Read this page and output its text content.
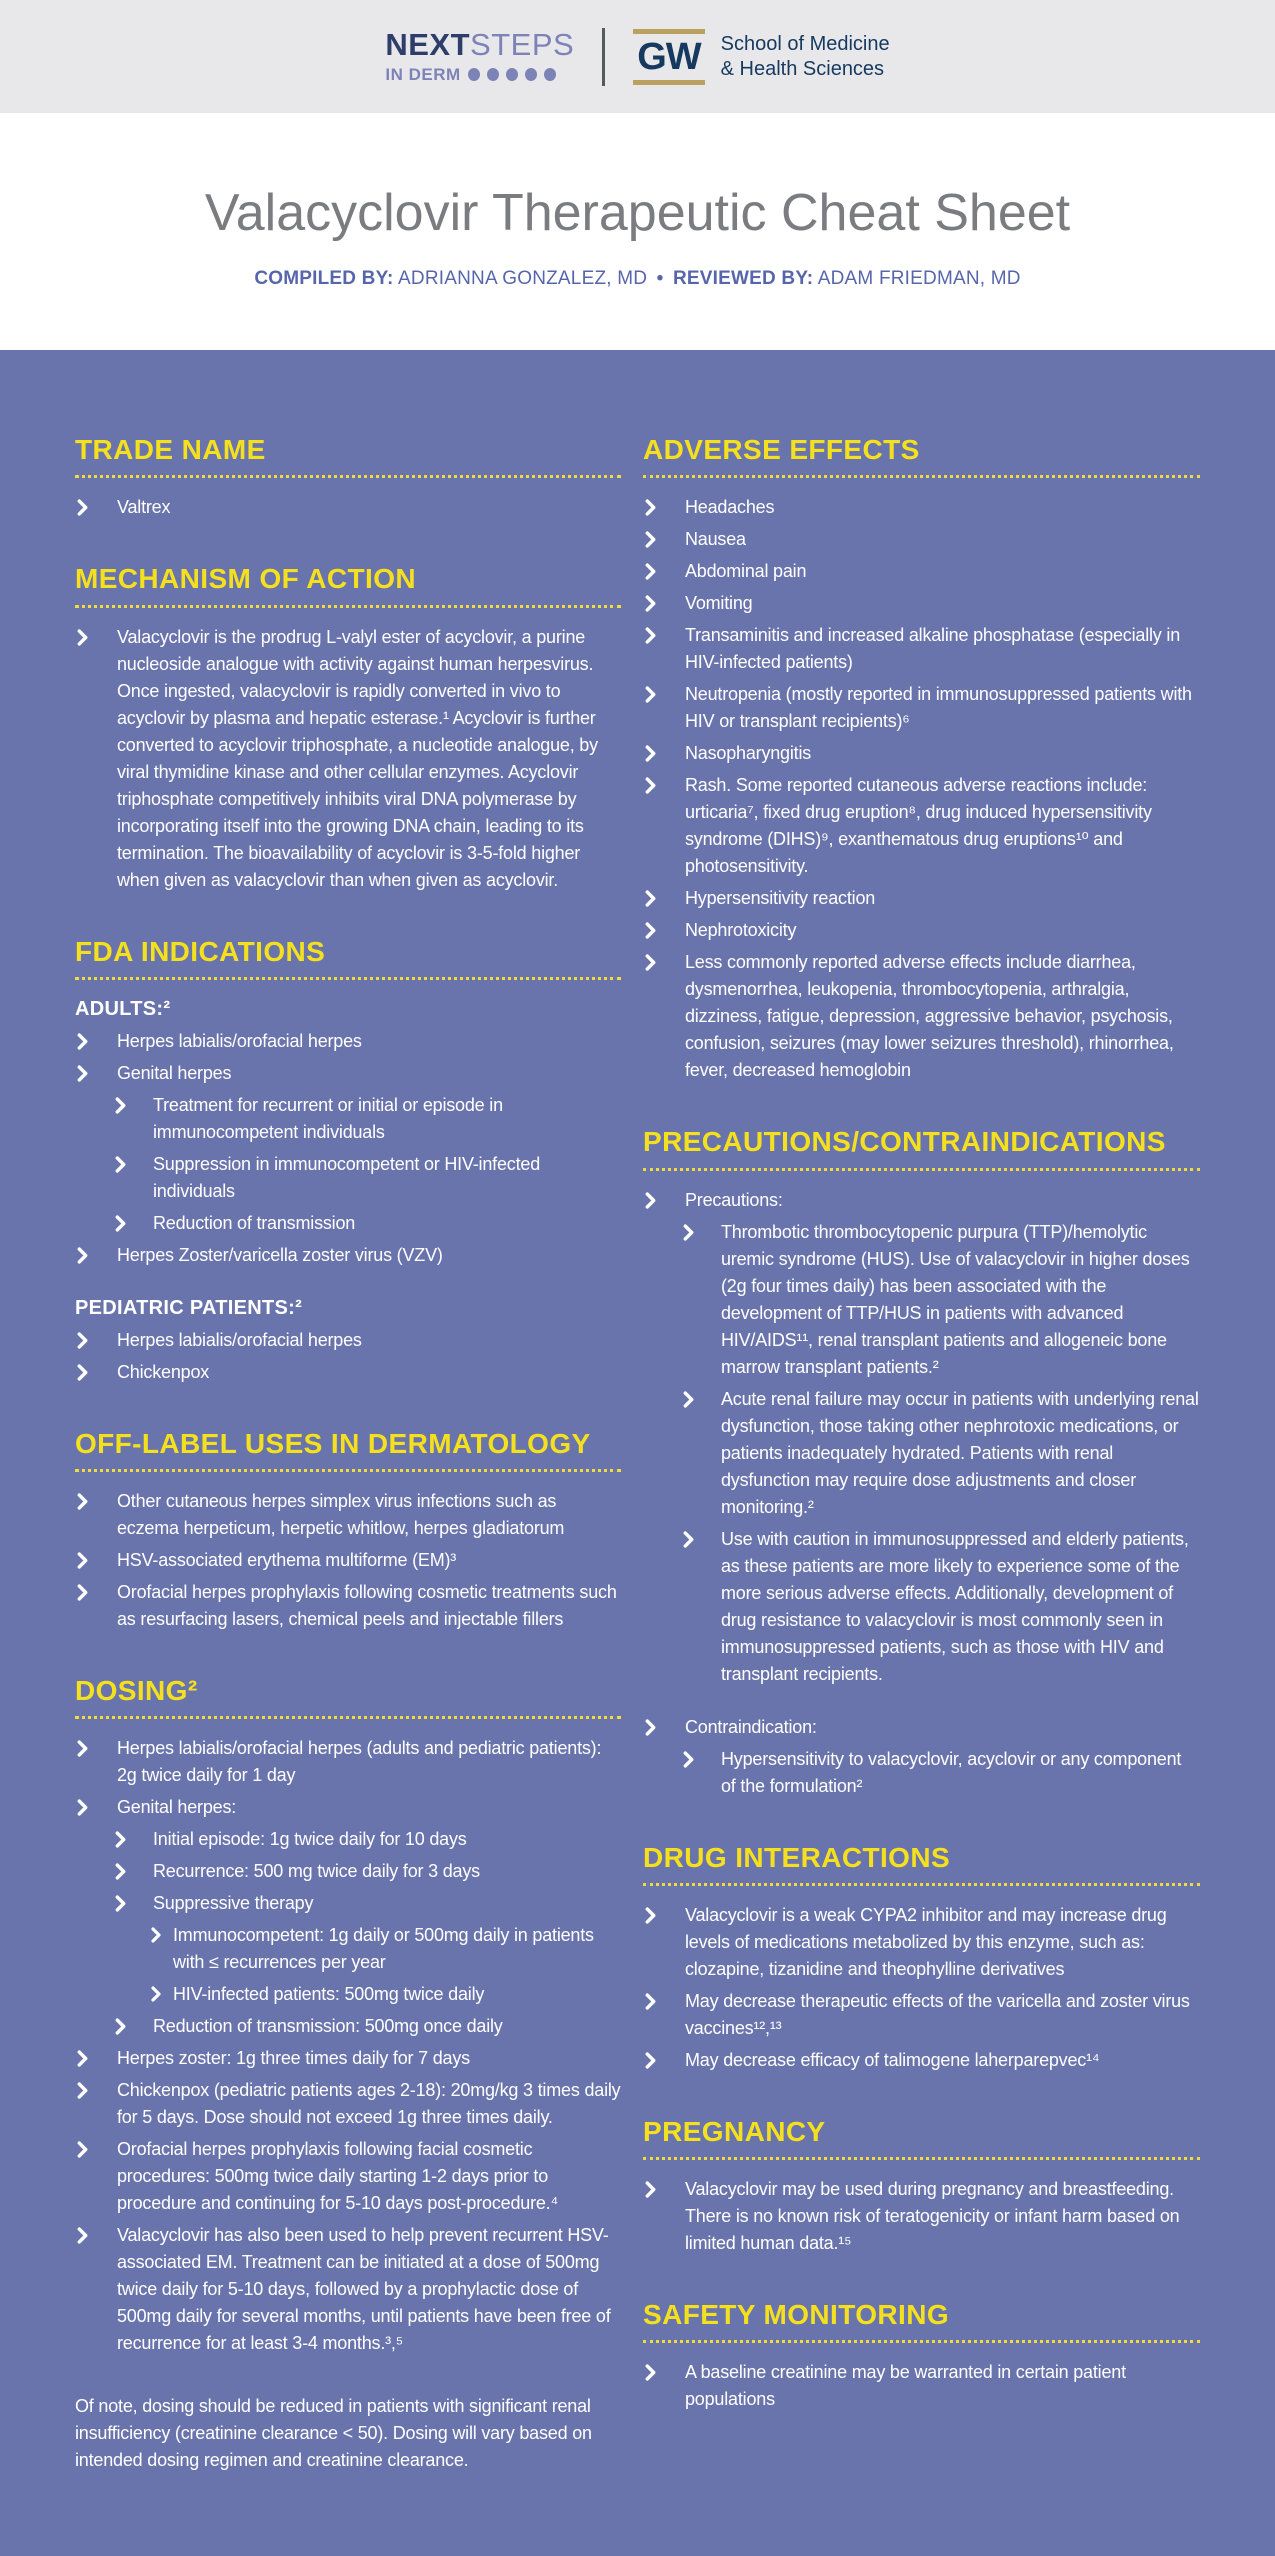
NEXTSTEPS
IN DERM	GW School of Medicine
& Health Sciences
Valacyclovir Therapeutic Cheat Sheet
COMPILED BY: ADRIANNA GONZALEZ, MD • REVIEWED BY: ADAM FRIEDMAN, MD
TRADE NAME
Valtrex
MECHANISM OF ACTION
Valacyclovir is the prodrug L-valyl ester of acyclovir, a purine nucleoside analogue with activity against human herpesvirus. Once ingested, valacyclovir is rapidly converted in vivo to acyclovir by plasma and hepatic esterase.¹ Acyclovir is further converted to acyclovir triphosphate, a nucleotide analogue, by viral thymidine kinase and other cellular enzymes. Acyclovir triphosphate competitively inhibits viral DNA polymerase by incorporating itself into the growing DNA chain, leading to its termination. The bioavailability of acyclovir is 3-5-fold higher when given as valacyclovir than when given as acyclovir.
FDA INDICATIONS
ADULTS:²
Herpes labialis/orofacial herpes
Genital herpes
Treatment for recurrent or initial or episode in immunocompetent individuals
Suppression in immunocompetent or HIV-infected individuals
Reduction of transmission
Herpes Zoster/varicella zoster virus (VZV)
PEDIATRIC PATIENTS:²
Herpes labialis/orofacial herpes
Chickenpox
OFF-LABEL USES IN DERMATOLOGY
Other cutaneous herpes simplex virus infections such as eczema herpeticum, herpetic whitlow, herpes gladiatorum
HSV-associated erythema multiforme (EM)³
Orofacial herpes prophylaxis following cosmetic treatments such as resurfacing lasers, chemical peels and injectable fillers
DOSING²
Herpes labialis/orofacial herpes (adults and pediatric patients): 2g twice daily for 1 day
Genital herpes:
Initial episode: 1g twice daily for 10 days
Recurrence: 500 mg twice daily for 3 days
Suppressive therapy
Immunocompetent: 1g daily or 500mg daily in patients with ≤ recurrences per year
HIV-infected patients: 500mg twice daily
Reduction of transmission: 500mg once daily
Herpes zoster: 1g three times daily for 7 days
Chickenpox (pediatric patients ages 2-18): 20mg/kg 3 times daily for 5 days. Dose should not exceed 1g three times daily.
Orofacial herpes prophylaxis following facial cosmetic procedures: 500mg twice daily starting 1-2 days prior to procedure and continuing for 5-10 days post-procedure.⁴
Valacyclovir has also been used to help prevent recurrent HSV-associated EM. Treatment can be initiated at a dose of 500mg twice daily for 5-10 days, followed by a prophylactic dose of 500mg daily for several months, until patients have been free of recurrence for at least 3-4 months.³,⁵
Of note, dosing should be reduced in patients with significant renal insufficiency (creatinine clearance < 50). Dosing will vary based on intended dosing regimen and creatinine clearance.
ADVERSE EFFECTS
Headaches
Nausea
Abdominal pain
Vomiting
Transaminitis and increased alkaline phosphatase (especially in HIV-infected patients)
Neutropenia (mostly reported in immunosuppressed patients with HIV or transplant recipients)⁶
Nasopharyngitis
Rash. Some reported cutaneous adverse reactions include: urticaria⁷, fixed drug eruption⁸, drug induced hypersensitivity syndrome (DIHS)⁹, exanthematous drug eruptions¹⁰ and photosensitivity.
Hypersensitivity reaction
Nephrotoxicity
Less commonly reported adverse effects include diarrhea, dysmenorrhea, leukopenia, thrombocytopenia, arthralgia, dizziness, fatigue, depression, aggressive behavior, psychosis, confusion, seizures (may lower seizures threshold), rhinorrhea, fever, decreased hemoglobin
PRECAUTIONS/CONTRAINDICATIONS
Precautions:
Thrombotic thrombocytopenic purpura (TTP)/hemolytic uremic syndrome (HUS). Use of valacyclovir in higher doses (2g four times daily) has been associated with the development of TTP/HUS in patients with advanced HIV/AIDS¹¹, renal transplant patients and allogeneic bone marrow transplant patients.²
Acute renal failure may occur in patients with underlying renal dysfunction, those taking other nephrotoxic medications, or patients inadequately hydrated. Patients with renal dysfunction may require dose adjustments and closer monitoring.²
Use with caution in immunosuppressed and elderly patients, as these patients are more likely to experience some of the more serious adverse effects. Additionally, development of drug resistance to valacyclovir is most commonly seen in immunosuppressed patients, such as those with HIV and transplant recipients.
Contraindication:
Hypersensitivity to valacyclovir, acyclovir or any component of the formulation²
DRUG INTERACTIONS
Valacyclovir is a weak CYPA2 inhibitor and may increase drug levels of medications metabolized by this enzyme, such as: clozapine, tizanidine and theophylline derivatives
May decrease therapeutic effects of the varicella and zoster virus vaccines¹²,¹³
May decrease efficacy of talimogene laherparepvec¹⁴
PREGNANCY
Valacyclovir may be used during pregnancy and breastfeeding. There is no known risk of teratogenicity or infant harm based on limited human data.¹⁵
SAFETY MONITORING
A baseline creatinine may be warranted in certain patient populations
